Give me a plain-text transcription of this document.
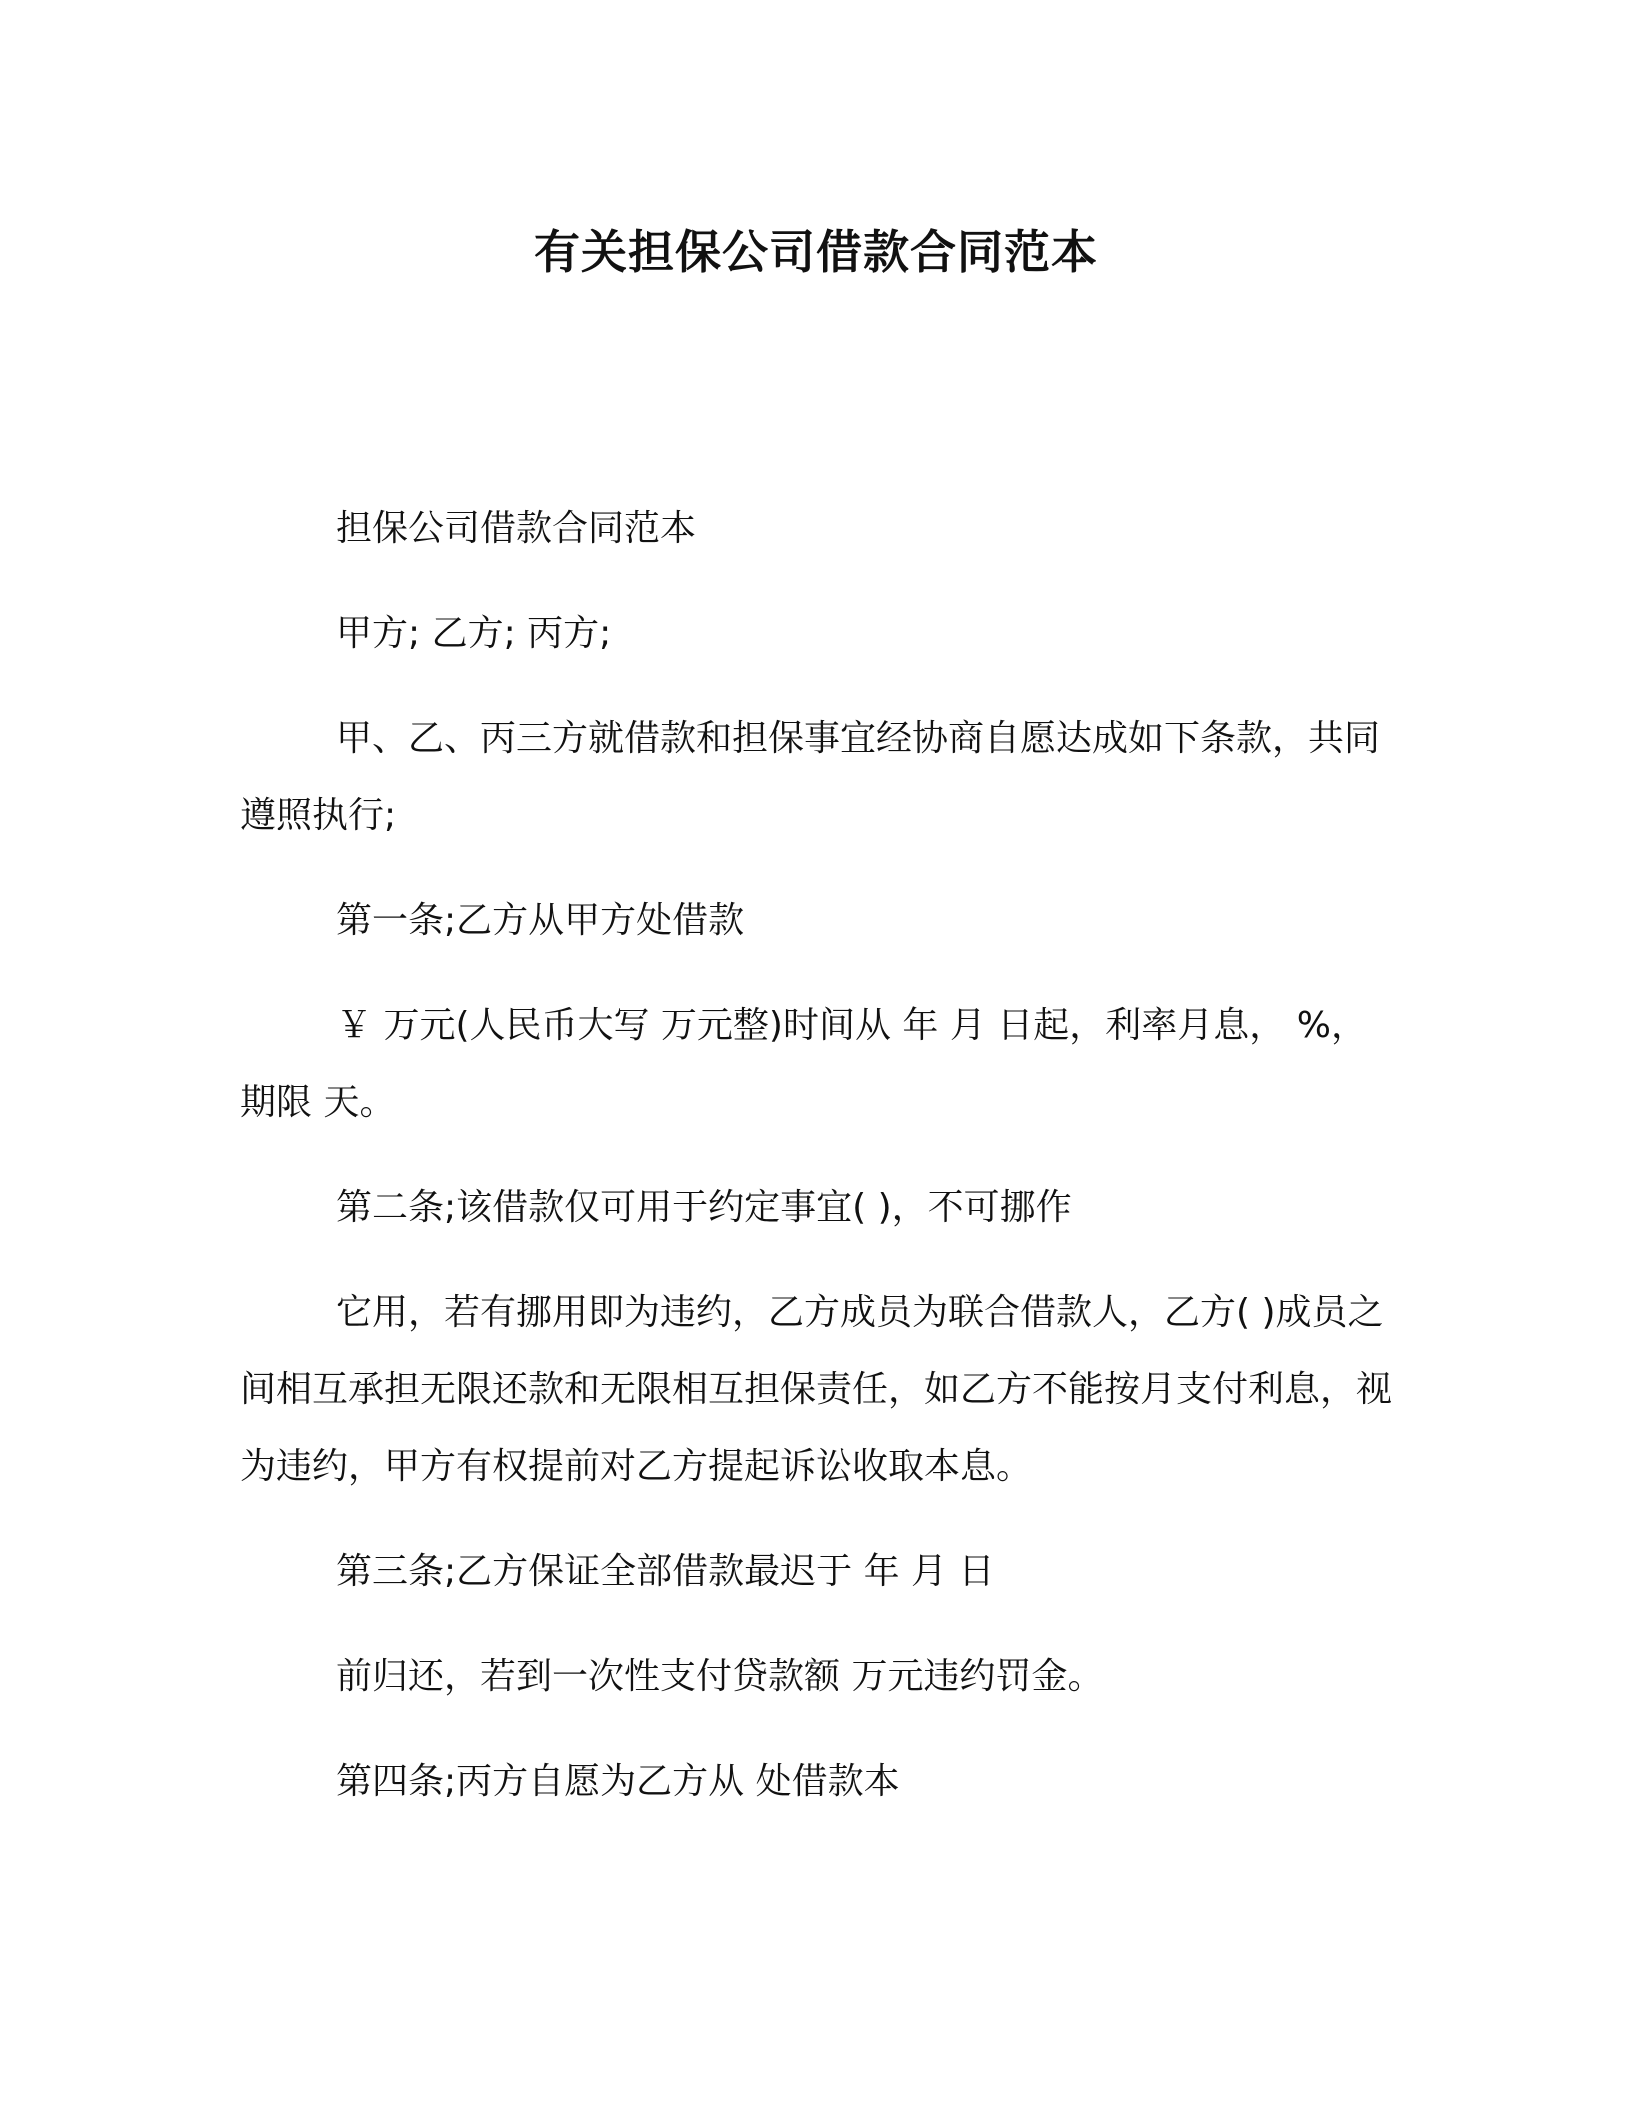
有关担保公司借款合同范本

担保公司借款合同范本

甲方; 乙方; 丙方;

甲、乙、丙三方就借款和担保事宜经协商自愿达成如下条款，共同遵照执行;

第一条;乙方从甲方处借款

￥ 万元(人民币大写 万元整)时间从 年 月 日起，利率月息， %，期限 天。

第二条;该借款仅可用于约定事宜( )，不可挪作

它用，若有挪用即为违约，乙方成员为联合借款人，乙方( )成员之间相互承担无限还款和无限相互担保责任，如乙方不能按月支付利息，视为违约，甲方有权提前对乙方提起诉讼收取本息。

第三条;乙方保证全部借款最迟于 年 月 日

前归还，若到一次性支付贷款额 万元违约罚金。

第四条;丙方自愿为乙方从 处借款本
